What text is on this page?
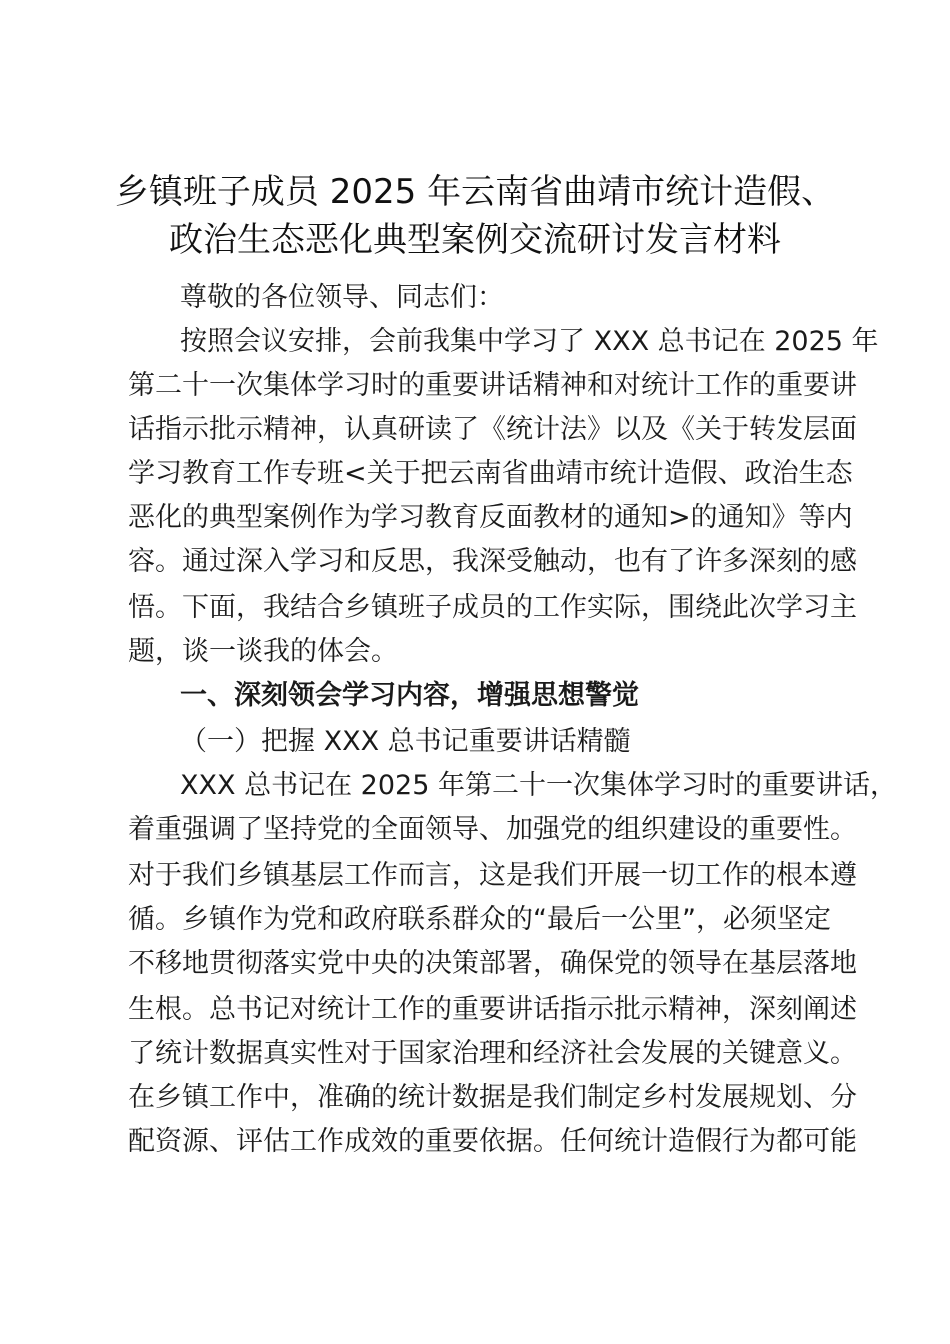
乡镇班子成员 2025 年云南省曲靖市统计造假、
政治生态恶化典型案例交流研讨发言材料
尊敬的各位领导、同志们：
按照会议安排，会前我集中学习了 XXX 总书记在 2025 年
第二十一次集体学习时的重要讲话精神和对统计工作的重要讲
话指示批示精神，认真研读了《统计法》以及《关于转发层面
学习教育工作专班<关于把云南省曲靖市统计造假、政治生态
恶化的典型案例作为学习教育反面教材的通知>的通知》等内
容。通过深入学习和反思，我深受触动，也有了许多深刻的感
悟。下面，我结合乡镇班子成员的工作实际，围绕此次学习主
题，谈一谈我的体会。
一、深刻领会学习内容，增强思想警觉
（一）把握 XXX 总书记重要讲话精髓
XXX 总书记在 2025 年第二十一次集体学习时的重要讲话，
着重强调了坚持党的全面领导、加强党的组织建设的重要性。
对于我们乡镇基层工作而言，这是我们开展一切工作的根本遵
循。乡镇作为党和政府联系群众的“最后一公里”，必须坚定
不移地贯彻落实党中央的决策部署，确保党的领导在基层落地
生根。总书记对统计工作的重要讲话指示批示精神，深刻阐述
了统计数据真实性对于国家治理和经济社会发展的关键意义。
在乡镇工作中，准确的统计数据是我们制定乡村发展规划、分
配资源、评估工作成效的重要依据。任何统计造假行为都可能
